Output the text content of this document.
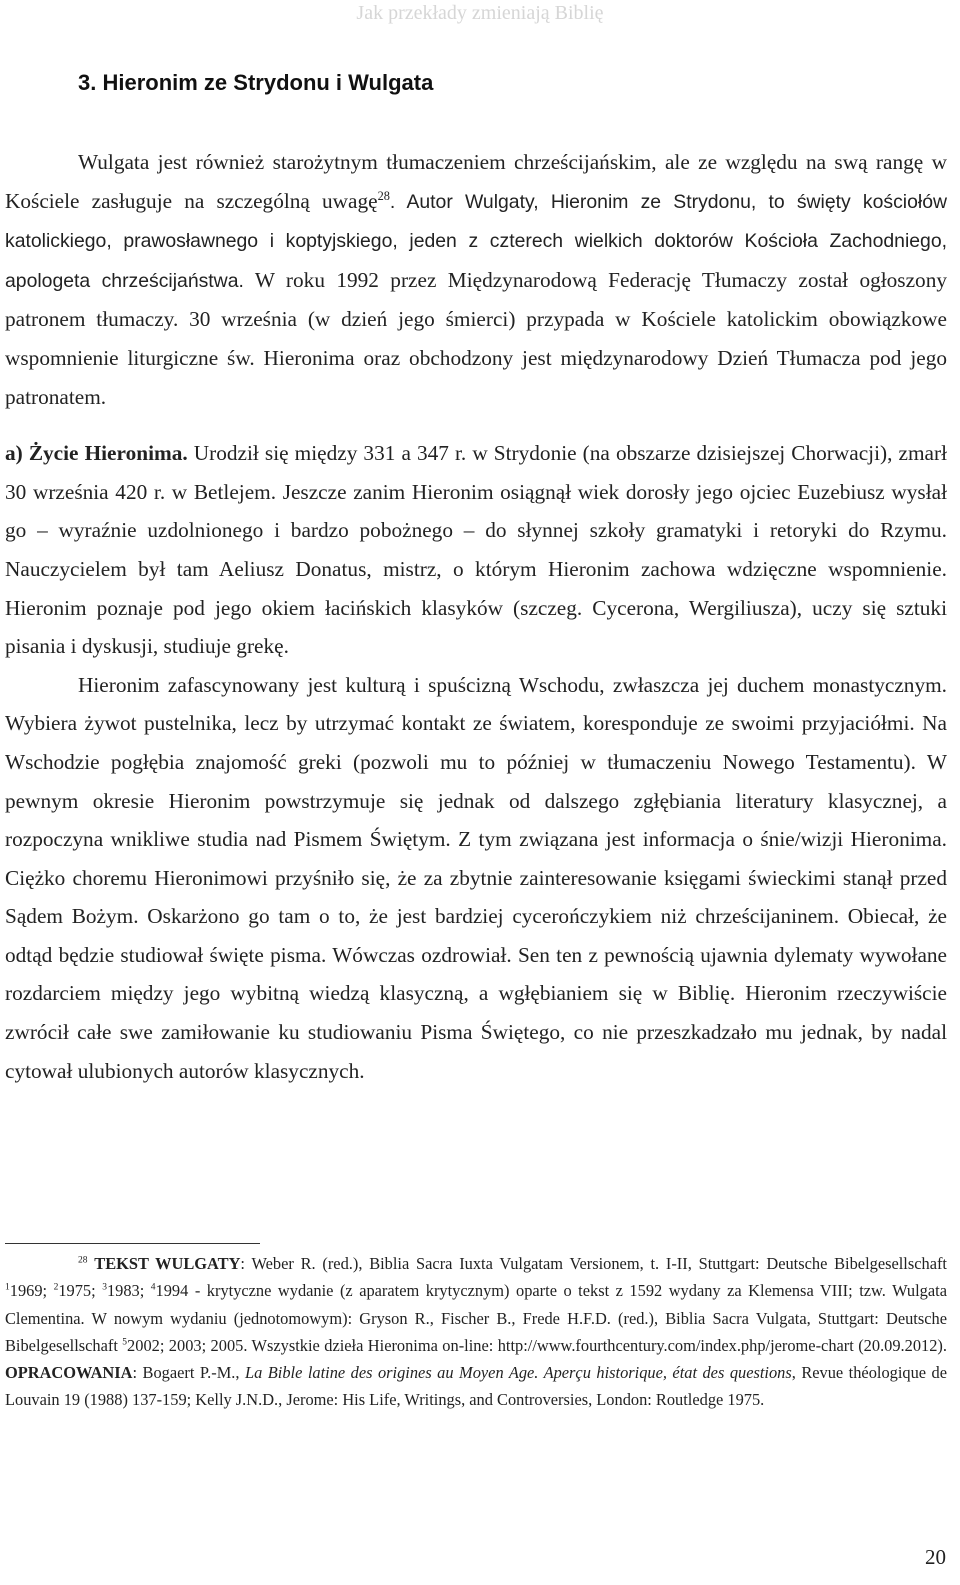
Jak przekłady zmieniają Biblię
3. Hieronim ze Strydonu i Wulgata

Wulgata jest również starożytnym tłumaczeniem chrześcijańskim, ale ze względu na swą rangę w Kościele zasługuje na szczególną uwagę$^{28}$. Autor Wulgaty, Hieronim ze Strydonu, to święty kościołów katolickiego, prawosławnego i koptyjskiego, jeden z czterech wielkich doktorów Kościoła Zachodniego, apologeta chrześcijaństwa. W roku 1992 przez Międzynarodową Federację Tłumaczy został ogłoszony patronem tłumaczy. 30 września (w dzień jego śmierci) przypada w Kościele katolickim obowiązkowe wspomnienie liturgiczne św. Hieronima oraz obchodzony jest międzynarodowy Dzień Tłumacza pod jego patronatem.

a) Życie Hieronima. Urodził się między 331 a 347 r. w Strydonie (na obszarze dzisiejszej Chorwacji), zmarł 30 września 420 r. w Betlejem. Jeszcze zanim Hieronim osiągnął wiek dorosły jego ojciec Euzebiusz wysłał go – wyraźnie uzdolnionego i bardzo pobożnego – do słynnej szkoły gramatyki i retoryki do Rzymu. Nauczycielem był tam Aeliusz Donatus, mistrz, o którym Hieronim zachowa wdzięczne wspomnienie. Hieronim poznaje pod jego okiem łacińskich klasyków (szczeg. Cycerona, Wergiliusza), uczy się sztuki pisania i dyskusji, studiuje grekę.

Hieronim zafascynowany jest kulturą i spuścizną Wschodu, zwłaszcza jej duchem monastycznym. Wybiera żywot pustelnika, lecz by utrzymać kontakt ze światem, koresponduje ze swoimi przyjaciółmi. Na Wschodzie pogłębia znajomość greki (pozwoli mu to później w tłumaczeniu Nowego Testamentu). W pewnym okresie Hieronim powstrzymuje się jednak od dalszego zgłębiania literatury klasycznej, a rozpoczyna wnikliwe studia nad Pismem Świętym. Z tym związana jest informacja o śnie/wizji Hieronima. Ciężko choremu Hieronimowi przyśniło się, że za zbytnie zainteresowanie księgami świeckimi stanął przed Sądem Bożym. Oskarżono go tam o to, że jest bardziej cycerończykiem niż chrześcijaninem. Obiecał, że odtąd będzie studiował święte pisma. Wówczas ozdrowiał. Sen ten z pewnością ujawnia dylematy wywołane rozdarciem między jego wybitną wiedzą klasyczną, a wgłębianiem się w Biblię. Hieronim rzeczywiście zwrócił całe swe zamiłowanie ku studiowaniu Pisma Świętego, co nie przeszkadzało mu jednak, by nadal cytował ulubionych autorów klasycznych.

$^{28}$ TEKST WULGATY: Weber R. (red.), Biblia Sacra Iuxta Vulgatam Versionem, t. I-II, Stuttgart: Deutsche Bibelgesellschaft $^1$1969; $^2$1975; $^3$1983; $^4$1994 - krytyczne wydanie (z aparatem krytycznym) oparte o tekst z 1592 wydany za Klemensa VIII; tzw. Wulgata Clementina. W nowym wydaniu (jednotomowym): Gryson R., Fischer B., Frede H.F.D. (red.), Biblia Sacra Vulgata, Stuttgart: Deutsche Bibelgesellschaft $^5$2002; 2003; 2005. Wszystkie dzieła Hieronima on-line: http://www.fourthcentury.com/index.php/jerome-chart (20.09.2012). OPRACOWANIA: Bogaert P.-M., La Bible latine des origines au Moyen Age. Aperçu historique, état des questions, Revue théologique de Louvain 19 (1988) 137-159; Kelly J.N.D., Jerome: His Life, Writings, and Controversies, London: Routledge 1975.

20
